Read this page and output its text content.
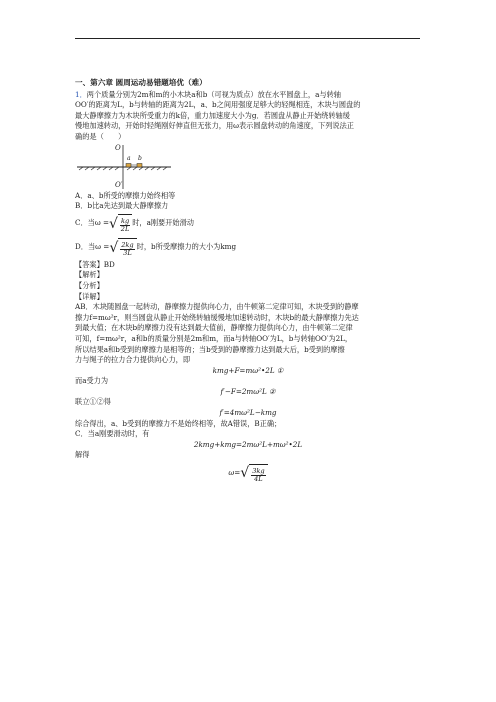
一、第六章 圆周运动易错题培优（难）
1．两个质量分别为2m和m的小木块a和b（可视为质点）放在水平圆盘上，a与转轴
OO′的距离为L，b与转轴的距离为2L，a、b之间用强度足够大的轻绳相连，木块与圆盘的
最大静摩擦力为木块所受重力的k倍，重力加速度大小为g．若圆盘从静止开始绕转轴缓
慢地加速转动，开始时轻绳刚好伸直但无张力，用ω表示圆盘转动的角速度，下列说法正
确的是（　　）
O
O′
a b
A．a、b所受的摩擦力始终相等
B．b比a先达到最大静摩擦力
C．当ω = √ $\frac{kg}{2L}$ 时，a刚要开始滑动
D．当ω = √ $\frac{2kg}{3L}$ 时，b所受摩擦力的大小为kmg
【答案】BD
【解析】
【分析】
【详解】
AB．木块随圆盘一起转动，静摩擦力提供向心力，由牛顿第二定律可知，木块受到的静摩
擦力f=mω²r，则当圆盘从静止开始绕转轴缓慢地加速转动时，木块b的最大静摩擦力先达
到最大值；在木块b的摩擦力没有达到最大值前，静摩擦力提供向心力，由牛顿第二定律
可知，f=mω²r，a和b的质量分别是2m和m，而a与转轴OO′为L，b与转轴OO′为2L，
所以结果a和b受到的摩擦力是相等的；当b受到的静摩擦力达到最大后，b受到的摩擦
力与绳子的拉力合力提供向心力，即
kmg+F=mω²•2L ①
而a受力为
f′−F=2mω²L ②
联立①②得
f′=4mω²L−kmg
综合得出，a、b受到的摩擦力不是始终相等，故A错误，B正确；
C．当a刚要滑动时，有
2kmg+kmg=2mω²L+mω²•2L
解得
ω= √ $\frac{3kg}{4L}$
